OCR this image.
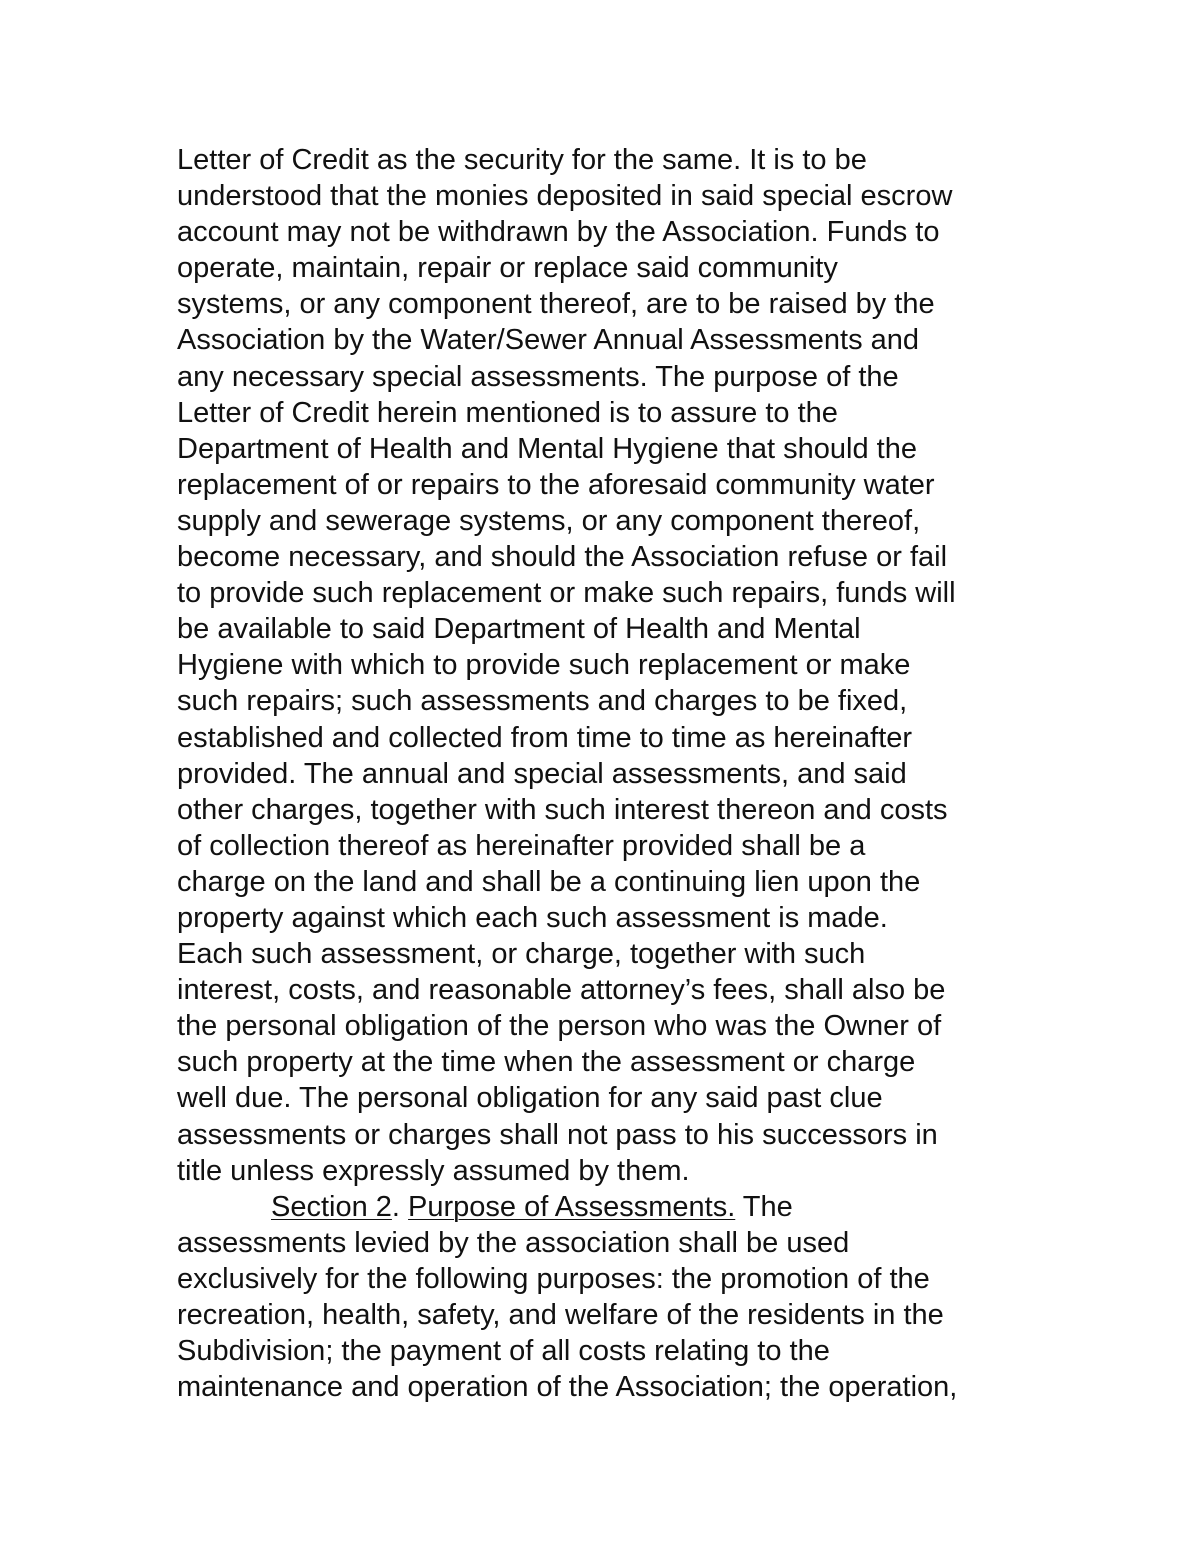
Letter of Credit as the security for the same. It is to be
understood that the monies deposited in said special escrow
account may not be withdrawn by the Association. Funds to
operate, maintain, repair or replace said community
systems, or any component thereof, are to be raised by the
Association by the Water/Sewer Annual Assessments and
any necessary special assessments. The purpose of the
Letter of Credit herein mentioned is to assure to the
Department of Health and Mental Hygiene that should the
replacement of or repairs to the aforesaid community water
supply and sewerage systems, or any component thereof,
become necessary, and should the Association refuse or fail
to provide such replacement or make such repairs, funds will
be available to said Department of Health and Mental
Hygiene with which to provide such replacement or make
such repairs; such assessments and charges to be fixed,
established and collected from time to time as hereinafter
provided. The annual and special assessments, and said
other charges, together with such interest thereon and costs
of collection thereof as hereinafter provided shall be a
charge on the land and shall be a continuing lien upon the
property against which each such assessment is made.
Each such assessment, or charge, together with such
interest, costs, and reasonable attorney’s fees, shall also be
the personal obligation of the person who was the Owner of
such property at the time when the assessment or charge
well due. The personal obligation for any said past clue
assessments or charges shall not pass to his successors in
title unless expressly assumed by them.
Section 2. Purpose of Assessments. The
assessments levied by the association shall be used
exclusively for the following purposes: the promotion of the
recreation, health, safety, and welfare of the residents in the
Subdivision; the payment of all costs relating to the
maintenance and operation of the Association; the operation,
